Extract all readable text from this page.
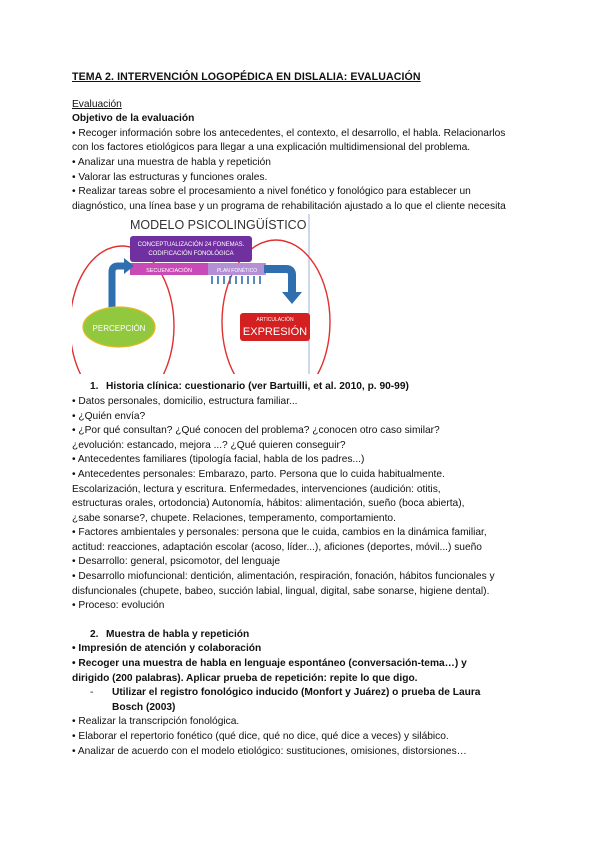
TEMA 2. INTERVENCIÓN LOGOPÉDICA EN DISLALIA: EVALUACIÓN
Evaluación
Objetivo de la evaluación
• Recoger información sobre los antecedentes, el contexto, el desarrollo, el habla. Relacionarlos
con los factores etiológicos para llegar a una explicación multidimensional del problema.
• Analizar una muestra de habla y repetición
• Valorar las estructuras y funciones orales.
• Realizar tareas sobre el procesamiento a nivel fonético y fonológico para establecer un
diagnóstico, una línea base y un programa de rehabilitación ajustado a lo que el cliente necesita
MODELO PSICOLINGÜÍSTICO
CONCEPTUALIZACIÓN 24 FONEMAS.
CODIFICACIÓN FONOLÓGICA
SECUENCIACIÓN	PLAN FONÉTICO
PERCEPCIÓN
ARTICULACIÓN
EXPRESIÓN
1. Historia clínica: cuestionario (ver Bartuilli, et al. 2010, p. 90-99)
• Datos personales, domicilio, estructura familiar...
• ¿Quién envía?
• ¿Por qué consultan? ¿Qué conocen del problema? ¿conocen otro caso similar?
¿evolución: estancado, mejora ...? ¿Qué quieren conseguir?
• Antecedentes familiares (tipología facial, habla de los padres...)
• Antecedentes personales: Embarazo, parto. Persona que lo cuida habitualmente.
Escolarización, lectura y escritura. Enfermedades, intervenciones (audición: otitis,
estructuras orales, ortodoncia) Autonomía, hábitos: alimentación, sueño (boca abierta),
¿sabe sonarse?, chupete. Relaciones, temperamento, comportamiento.
• Factores ambientales y personales: persona que le cuida, cambios en la dinámica familiar,
actitud: reacciones, adaptación escolar (acoso, líder...), aficiones (deportes, móvil...) sueño
• Desarrollo: general, psicomotor, del lenguaje
• Desarrollo miofuncional: dentición, alimentación, respiración, fonación, hábitos funcionales y
disfuncionales (chupete, babeo, succión labial, lingual, digital, sabe sonarse, higiene dental).
• Proceso: evolución
2. Muestra de habla y repetición
• Impresión de atención y colaboración
• Recoger una muestra de habla en lenguaje espontáneo (conversación-tema…) y
dirigido (200 palabras). Aplicar prueba de repetición: repite lo que digo.
- Utilizar el registro fonológico inducido (Monfort y Juárez) o prueba de Laura
Bosch (2003)
• Realizar la transcripción fonológica.
• Elaborar el repertorio fonético (qué dice, qué no dice, qué dice a veces) y silábico.
• Analizar de acuerdo con el modelo etiológico: sustituciones, omisiones, distorsiones…
